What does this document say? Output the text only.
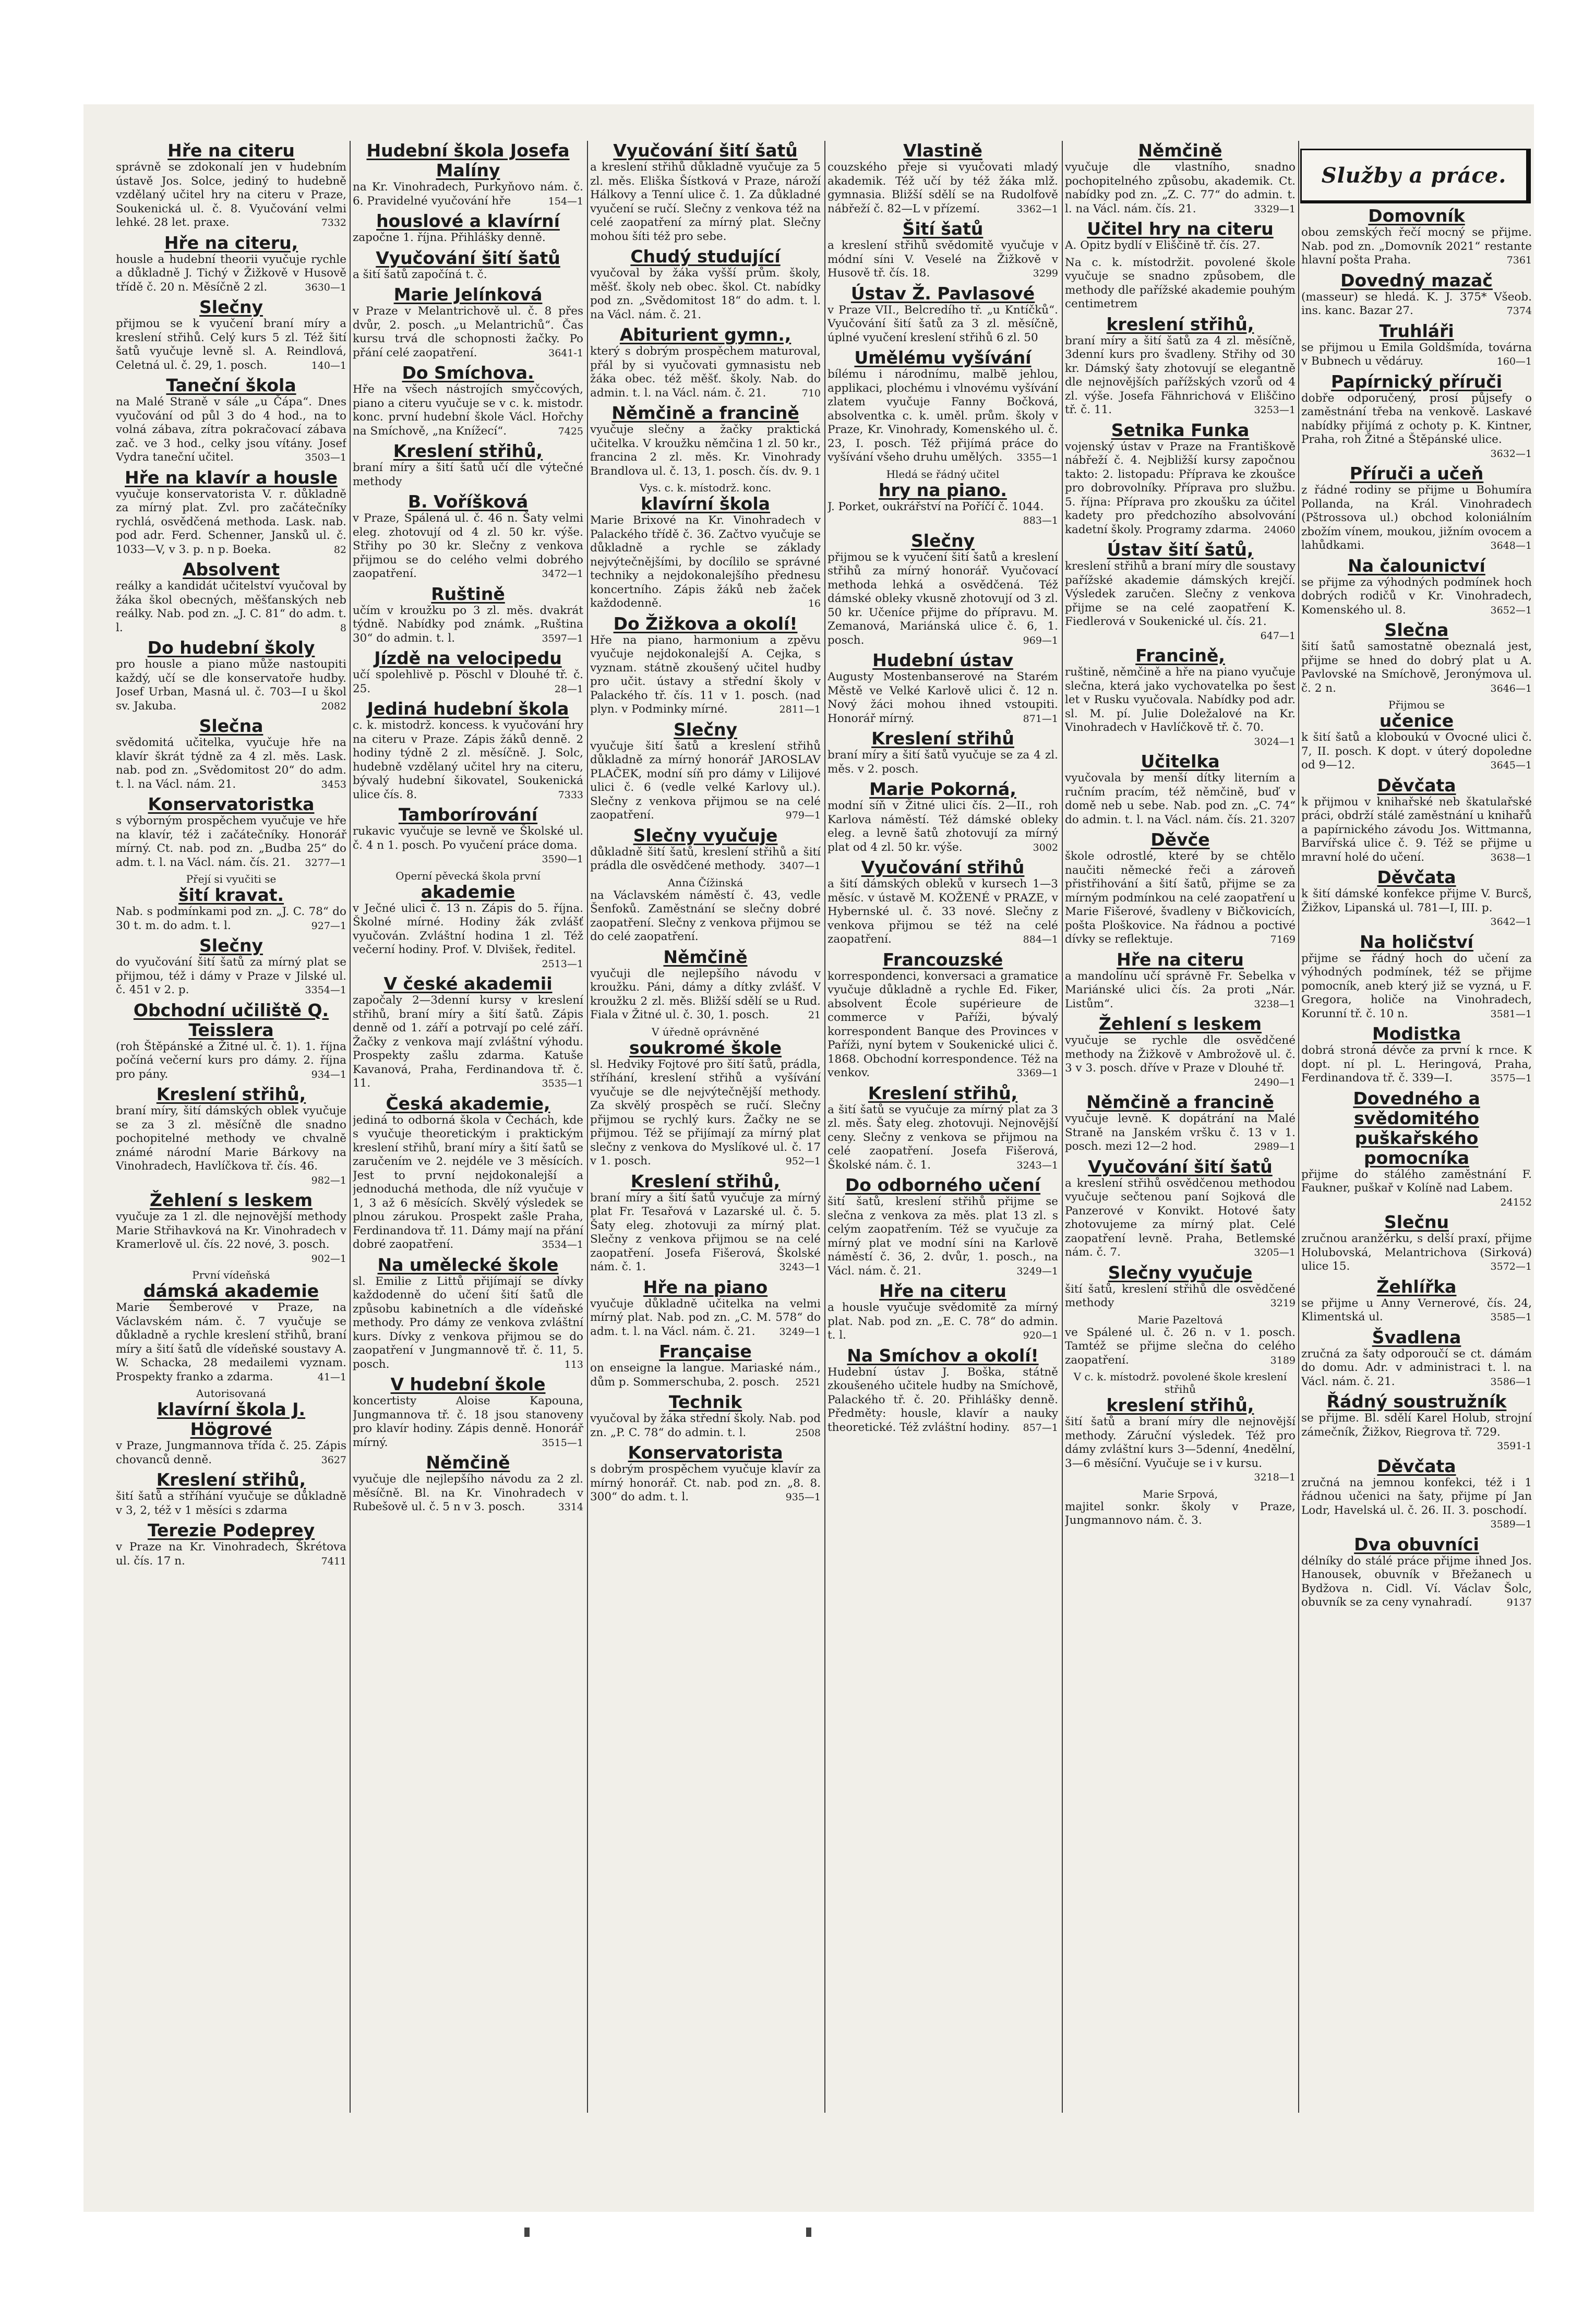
Služby a práce.
Hře na citeru

správně se zdokonalí jen v hudebním ústavě Jos. Solce, jediný to hudebně vzdělaný učitel hry na citeru v Praze, Soukenická ul. č. 8. Vyučování velmi lehké. 28 let. praxe.	7332

Hře na citeru,

housle a hudební theorii vyučuje rychle a důkladně J. Tichý v Žižkově v Husově třídě č. 20 n. Měsíčně 2 zl.	3630—1

Slečny

přijmou se k vyučení braní míry a kreslení střihů. Celý kurs 5 zl. Též šití šatů vyučuje levně sl. A. Reindlová, Celetná ul. č. 29, 1. posch.	140—1

Taneční škola

na Malé Straně v sále „u Čápa“. Dnes vyučování od půl 3 do 4 hod., na to volná zábava, zítra pokračovací zábava zač. ve 3 hod., celky jsou vítány. Josef Vydra taneční učitel.	3503—1

Hře na klavír a housle

vyučuje konservatorista V. r. důkladně za mírný plat. Zvl. pro začátečníky rychlá, osvědčená methoda. Lask. nab. pod adr. Ferd. Schenner, Jansků ul. č. 1033—V, v 3. p. n p. Boeka.	82

Absolvent

reálky a kandidát učitelství vyučoval by žáka škol obecných, měšťanských neb reálky. Nab. pod zn. „J. C. 81“ do adm. t. l.	8

Do hudební školy

pro housle a piano může nastoupiti každý, učí se dle konservatoře hudby. Josef Urban, Masná ul. č. 703—I u škol sv. Jakuba.	2082

Slečna

svědomitá učitelka, vyučuje hře na klavír škrát týdně za 4 zl. měs. Lask. nab. pod zn. „Svědomitost 20“ do adm. t. l. na Václ. nám. 21.	3453

Konservatoristka

s výborným prospěchem vyučuje ve hře na klavír, též i začátečníky. Honorář mírný. Ct. nab. pod zn. „Budba 25“ do adm. t. l. na Václ. nám. čís. 21. 3277—1

Přejí si vyučiti se
šití kravat.

Nab. s podmínkami pod zn. „J. C. 78“ do 30 t. m. do adm. t. l.	927—1

Slečny

do vyučování šití šatů za mírný plat se přijmou, též i dámy v Praze v Jilské ul. č. 451 v 2. p.	3354—1

Obchodní učiliště Q. Teisslera

(roh Štěpánské a Žitné ul. č. 1). 1. října počíná večerní kurs pro dámy. 2. října pro pány.	934—1

Kreslení střihů,

braní míry, šití dámských oblek vyučuje se za 3 zl. měsíčně dle snadno pochopitelné methody ve chvalně známé národní Marie Bárkovy na Vinohradech, Havlíčkova tř. čís. 46.
982—1

Žehlení s leskem

vyučuje za 1 zl. dle nejnovější methody Marie Střihavková na Kr. Vinohradech v Kramerlově ul. čís. 22 nové, 3. posch.
902—1

První vídeňská
dámská akademie

Marie Šemberové v Praze, na Václavském nám. č. 7 vyučuje se důkladně a rychle kreslení střihů, braní míry a šití šatů dle vídeňské soustavy A. W. Schacka, 28 medailemi vyznam. Prospekty franko a zdarma.	41—1

Autorisovaná
klavírní škola J. Högrové

v Praze, Jungmannova třída č. 25. Zápis chovanců denně.	3627

Kreslení střihů,

šití šatů a stříhání vyučuje se důkladně v 3, 2, též v 1 měsíci s zdarma

Terezie Podeprey

v Praze na Kr. Vinohradech, Škrétova ul. čís. 17 n.	7411

Hudební škola Josefa Malíny

na Kr. Vinohradech, Purkyňovo nám. č. 6. Pravidelné vyučování hře	154—1

houslové a klavírní

započne 1. října. Přihlášky denně.

Vyučování šití šatů

a šití šatů započíná t. č.

Marie Jelínková

v Praze v Melantrichově ul. č. 8 přes dvůr, 2. posch. „u Melantrichů“. Čas kursu trvá dle schopnosti žačky. Po přání celé zaopatření.	3641-1

Do Smíchova.

Hře na všech nástrojích smyčcových, piano a citeru vyučuje se v c. k. mistodr. konc. první hudební škole Václ. Hořchy na Smíchově, „na Knížecí“.	7425

Kreslení střihů,

braní míry a šití šatů učí dle výtečné methody

B. Voříšková

v Praze, Spálená ul. č. 46 n. Šaty velmi eleg. zhotovují od 4 zl. 50 kr. výše. Střihy po 30 kr. Slečny z venkova přijmou se do celého velmi dobrého zaopatření.	3472—1

Ruštině

učím v kroužku po 3 zl. měs. dvakrát týdně. Nabídky pod známk. „Ruština 30“ do admin. t. l.	3597—1

Jízdě na velocipedu

učí spolehlivě p. Pöschl v Dlouhé tř. č. 25.	28—1

Jediná hudební škola

c. k. mistodrž. koncess. k vyučování hry na citeru v Praze. Zápis žáků denně. 2 hodiny týdně 2 zl. měsíčně. J. Solc, hudebně vzdělaný učitel hry na citeru, bývalý hudební šikovatel, Soukenická ulice čís. 8.	7333

Tamborírování

rukavic vyučuje se levně ve Školské ul. č. 4 n 1. posch. Po vyučení práce doma.
3590—1

Operní pěvecká škola první
akademie

v Ječné ulici č. 13 n. Zápis do 5. října. Školné mírné. Hodiny žák zvlášť vyučován. Zvláštní hodina 1 zl. Též večerní hodiny. Prof. V. Dlvišek, ředitel.
2513—1

V české akademii

započaly 2—3denní kursy v kreslení střihů, braní míry a šití šatů. Zápis denně od 1. září a potrvají po celé září. Žačky z venkova mají zvláštní výhodu. Prospekty zašlu zdarma. Katuše Kavanová, Praha, Ferdinandova tř. č. 11.	3535—1

Česká akademie,

jediná to odborná škola v Čechách, kde s vyučuje theoretickým i praktickým kreslení střihů, braní míry a šití šatů se zaručením ve 2. nejdéle ve 3 měsících. Jest to první nejdokonalejší a jednoduchá methoda, dle níž vyučuje v 1, 3 až 6 měsících. Skvělý výsledek se plnou zárukou. Prospekt zašle Praha, Ferdinandova tř. 11. Dámy mají na přání dobré zaopatření.	3534—1

Na umělecké škole

sl. Emilie z Littů přijímají se dívky každodenně do učení šití šatů dle způsobu kabinetních a dle vídeňské methody. Pro dámy ze venkova zvláštní kurs. Dívky z venkova přijmou se do zaopatření v Jungmannově tř. č. 11, 5. posch.	113

V hudební škole

koncertisty Aloise Kapouna, Jungmannova tř. č. 18 jsou stanoveny pro klavír hodiny. Zápis denně. Honorář mírný.	3515—1

Němčině

vyučuje dle nejlepšího návodu za 2 zl. měsíčně. Bl. na Kr. Vinohradech v Rubešově ul. č. 5 n v 3. posch.	3314

Vyučování šití šatů

a kreslení střihů důkladně vyučuje za 5 zl. měs. Eliška Šístková v Praze, nároží Hálkovy a Tenní ulice č. 1. Za důkladné vyučení se ručí. Slečny z venkova též na celé zaopatření za mírný plat. Slečny mohou šíti též pro sebe.

Chudý studující

vyučoval by žáka vyšší prům. školy, měšť. školy neb obec. škol. Ct. nabídky pod zn. „Svědomitost 18“ do adm. t. l. na Václ. nám. č. 21.

Abiturient gymn.,

který s dobrým prospěchem maturoval, přál by si vyučovati gymnasistu neb žáka obec. též měšť. školy. Nab. do admin. t. l. na Václ. nám. č. 21.	710

Němčině a francině

vyučuje slečny a žačky praktická učitelka. V kroužku němčina 1 zl. 50 kr., francina 2 zl. měs. Kr. Vinohrady Brandlova ul. č. 13, 1. posch. čís. dv. 9. 1

Vys. c. k. místodrž. konc.
klavírní škola

Marie Brixové na Kr. Vinohradech v Palackého třídě č. 36. Začtvo vyučuje se důkladně a rychle se základy nejvýtečnějšími, by docílilo se správné techniky a nejdokonalejšího přednesu koncertního. Zápis žáků neb žaček každodenně.	16

Do Žižkova a okolí!

Hře na piano, harmonium a zpěvu vyučuje nejdokonalejší A. Cejka, s vyznam. státně zkoušený učitel hudby pro učit. ústavy a střední školy v Palackého tř. čís. 11 v 1. posch. (nad plyn. v Podminky mírné.	2811—1

Slečny

vyučuje šití šatů a kreslení střihů důkladně za mírný honorář JAROSLAV PLAČEK, modní síň pro dámy v Lilijové ulici č. 6 (vedle velké Karlovy ul.). Slečny z venkova přijmou se na celé zaopatření.	979—1

Slečny vyučuje

důkladně šití šatů, kreslení střihů a šití prádla dle osvědčené methody. 3407—1

Anna Čížinská

na Václavském náměstí č. 43, vedle Šenfoků. Zaměstnání se slečny dobré zaopatření. Slečny z venkova přijmou se do celé zaopatření.

Němčině

vyučuji dle nejlepšího návodu v kroužku. Páni, dámy a dítky zvlášť. V kroužku 2 zl. měs. Bližší sdělí se u Rud. Fiala v Žitné ul. č. 30, 1. posch.	21

V úředně oprávněné
soukromé škole

sl. Hedviky Fojtové pro šití šatů, prádla, stříhání, kreslení střihů a vyšívání vyučuje se dle nejvýtečnější methody. Za skvělý prospěch se ručí. Slečny přijmou se rychlý kurs. Žačky ne se přijmou. Též se přijímají za mírný plat slečny z venkova do Myslíkové ul. č. 17 v 1. posch.	952—1

Kreslení střihů,

braní míry a šití šatů vyučuje za mírný plat Fr. Tesařová v Lazarské ul. č. 5. Šaty eleg. zhotovuji za mírný plat. Slečny z venkova přijmou se na celé zaopatření. Josefa Fišerová, Školské nám. č. 1.	3243—1

Hře na piano

vyučuje důkladně učitelka na velmi mírný plat. Nab. pod zn. „C. M. 578“ do adm. t. l. na Václ. nám. č. 21. 3249—1

Française

on enseigne la langue. Mariaské nám., dům p. Sommerschuba, 2. posch. 2521

Technik

vyučoval by žáka střední školy. Nab. pod zn. „P. C. 78“ do admin. t. l.	2508

Konservatorista

s dobrým prospěchem vyučuje klavír za mírný honorář. Ct. nab. pod zn. „8. 8. 300“ do adm. t. l.	935—1

Vlastině

couzského přeje si vyučovati mladý akademik. Též učí by též žáka mlž. gymnasia. Bližší sdělí se na Rudolfově nábřeží č. 82—L v přízemí.	3362—1

Šití šatů

a kreslení střihů svědomitě vyučuje v módní síni V. Veselé na Žižkově v Husově tř. čís. 18.	3299

Ústav Ž. Pavlasové

v Praze VII., Belcredího tř. „u Kntíčků“. Vyučování šití šatů za 3 zl. měsíčně, úplné vyučení kreslení střihů 6 zl. 50

Umělému vyšívání

bílému i národnímu, malbě jehlou, applikaci, plochému i vlnovému vyšívání zlatem vyučuje Fanny Bočková, absolventka c. k. uměl. prům. školy v Praze, Kr. Vinohrady, Komenského ul. č. 23, I. posch. Též přijímá práce do vyšívání všeho druhu umělých. 3355—1

Hledá se řádný učitel
hry na piano.

J. Porket, oukrářství na Poříčí č. 1044.
883—1

Slečny

přijmou se k vyučení šití šatů a kreslení střihů za mírný honorář. Vyučovací methoda lehká a osvědčená. Též dámské obleky vkusně zhotovují od 3 zl. 50 kr. Učeníce přijme do přípravu. M. Zemanová, Mariánská ulice č. 6, 1. posch.	969—1

Hudební ústav

Augusty Mostenbanserové na Starém Městě ve Velké Karlově ulici č. 12 n. Nový žáci mohou ihned vstoupiti. Honorář mírný.	871—1

Kreslení střihů

braní míry a šití šatů vyučuje se za 4 zl. měs. v 2. posch.

Marie Pokorná,

modní síň v Žitné ulici čís. 2—II., roh Karlova náměstí. Též dámské obleky eleg. a levně šatů zhotovují za mírný plat od 4 zl. 50 kr. výše.	3002

Vyučování střihů

a šití dámských obleků v kursech 1—3 měsíc. v ústavě M. KOŽENÉ v PRAZE, v Hybernské ul. č. 33 nové. Slečny z venkova přijmou se též na celé zaopatření.	884—1

Francouzské

korrespondenci, konversaci a gramatice vyučuje důkladně a rychle Ed. Fiker, absolvent École supérieure de commerce v Paříži, bývalý korrespondent Banque des Provinces v Paříži, nyní bytem v Soukenické ulici č. 1868. Obchodní korrespondence. Též na venkov.	3369—1

Kreslení střihů,

a šití šatů se vyučuje za mírný plat za 3 zl. měs. Šaty eleg. zhotovuji. Nejnovější ceny. Slečny z venkova se přijmou na celé zaopatření. Josefa Fišerová, Školské nám. č. 1.	3243—1

Do odborného učení

šití šatů, kreslení střihů přijme se slečna z venkova za měs. plat 13 zl. s celým zaopatřením. Též se vyučuje za mírný plat ve modní síni na Karlově náměstí č. 36, 2. dvůr, 1. posch., na Václ. nám. č. 21.	3249—1

Hře na citeru

a housle vyučuje svědomitě za mírný plat. Nab. pod zn. „E. C. 78“ do admin. t. l.	920—1

Na Smíchov a okolí!

Hudební ústav J. Boška, státně zkoušeného učitele hudby na Smíchově, Palackého tř. č. 20. Přihlášky denně. Předměty: housle, klavír a nauky theoretické. Též zvláštní hodiny. 857—1

Němčině

vyučuje dle vlastního, snadno pochopitelného způsobu, akademik. Ct. nabídky pod zn. „Z. C. 77“ do admin. t. l. na Václ. nám. čís. 21.	3329—1

Učitel hry na citeru

A. Opitz bydlí v Eliščině tř. čís. 27.

Na c. k. místodržit. povolené škole vyučuje se snadno způsobem, dle methody dle pařížské akademie pouhým centimetrem

kreslení střihů,

braní míry a šití šatů za 4 zl. měsíčně, 3denní kurs pro švadleny. Střihy od 30 kr. Dámský šaty zhotovují se elegantně dle nejnovějších pařížských vzorů od 4 zl. výše. Josefa Fähnrichová v Eliščino tř. č. 11.	3253—1

Setnika Funka

vojenský ústav v Praze na Františkově nábřeží č. 4. Nejbližší kursy započnou takto: 2. listopadu: Příprava ke zkoušce pro dobrovolníky. Příprava pro službu. 5. října: Příprava pro zkoušku za účitel kadety pro předchozího absolvování kadetní školy. Programy zdarma. 24060

Ústav šití šatů,

kreslení střihů a braní míry dle soustavy pařížské akademie dámských krejčí. Výsledek zaručen. Slečny z venkova přijme se na celé zaopatření K. Fiedlerová v Soukenické ul. čís. 21.
647—1

Francině,

ruštině, němčině a hře na piano vyučuje slečna, která jako vychovatelka po šest let v Rusku vyučovala. Nabídky pod adr. sl. M. pí. Julie Doležalové na Kr. Vinohradech v Havlíčkově tř. č. 70.
3024—1

Učitelka

vyučovala by menší dítky literním a ručním pracím, též němčině, buď v domě neb u sebe. Nab. pod zn. „C. 74“ do admin. t. l. na Václ. nám. čís. 21. 3207

Děvče

škole odrostlé, které by se chtělo naučiti německé řeči a zároveň přistřihování a šití šatů, přijme se za mírným podmínkou na celé zaopatření u Marie Fišerové, švadleny v Bičkovicích, pošta Ploškovice. Na řádnou a poctivé dívky se reflektuje.	7169

Hře na citeru

a mandolínu učí správně Fr. Sebelka v Mariánské ulici čís. 2a proti „Nár. Listům“.	3238—1

Žehlení s leskem

vyučuje se rychle dle osvědčené methody na Žižkově v Ambrožově ul. č. 3 v 3. posch. dříve v Praze v Dlouhé tř.
2490—1

Němčině a francině

vyučuje levně. K dopátrání na Malé Straně na Janském vršku č. 13 v 1. posch. mezi 12—2 hod.	2989—1

Vyučování šití šatů

a kreslení střihů osvědčenou methodou vyučuje sečtenou paní Sojková dle Panzerové v Konvikt. Hotové šaty zhotovujeme za mírný plat. Celé zaopatření levně. Praha, Betlemské nám. č. 7.	3205—1

Slečny vyučuje

šití šatů, kreslení střihů dle osvědčené methody	3219

Marie Pazeltová

ve Spálené ul. č. 26 n. v 1. posch. Tamtéž se přijme slečna do celého zaopatření.	3189

V c. k. místodrž. povolené škole kreslení střihů
kreslení střihů,

šití šatů a braní míry dle nejnovější methody. Záruční výsledek. Též pro dámy zvláštní kurs 3—5denní, 4nedělní, 3—6 měsíční. Vyučuje se i v kursu.
3218—1

Marie Srpová,

majitel sonkr. školy v Praze, Jungmannovo nám. č. 3.

Domovník

obou zemských řečí mocný se přijme. Nab. pod zn. „Domovník 2021“ restante hlavní pošta Praha.	7361

Dovedný mazač

(masseur) se hledá. K. J. 375* Všeob. ins. kanc. Bazar 27.	7374

Truhláři

se přijmou u Emila Goldšmída, továrna v Bubnech u vědáruy.	160—1

Papírnický příruči

dobře odporučený, prosí půjsefy o zaměstnání třeba na venkově. Laskavé nabídky přijímá z ochoty p. K. Kintner, Praha, roh Žitné a Štěpánské ulice.
3632—1

Příruči a učeň

z řádné rodiny se přijme u Bohumíra Pollanda, na Král. Vinohradech (Pštrossova ul.) obchod koloniálním zbožím vínem, moukou, jižním ovocem a lahůdkami.	3648—1

Na čalounictví

se přijme za výhodných podmínek hoch dobrých rodičů v Kr. Vinohradech, Komenského ul. 8.	3652—1

Slečna

šití šatů samostatně obeznalá jest, přijme se hned do dobrý plat u A. Pavlovské na Smíchově, Jeronýmova ul. č. 2 n.	3646—1

Přijmou se
učenice

k šití šatů a kloboukú v Ovocné ulici č. 7, II. posch. K dopt. v úterý dopoledne od 9—12.	3645—1

Děvčata

k přijmou v knihařské neb škatulařské práci, obdrží stálé zaměstnání u knihařů a papírnického závodu Jos. Wittmanna, Barvířská ulice č. 9. Též se přijme u mravní holé do učení.	3638—1

Děvčata

k šití dámské konfekce přijme V. Burcš, Žižkov, Lipanská ul. 781—I, III. p.
3642—1

Na holičství

přijme se řádný hoch do učení za výhodných podmínek, též se přijme pomocník, aneb který již se vyzná, u F. Gregora, holiče na Vinohradech, Korunní tř. č. 10 n.	3581—1

Modistka

dobrá stroná dévče za první k rnce. K dopt. ní pl. L. Heringová, Praha, Ferdinandova tř. č. 339—I.	3575—1

Dovedného a svědomitého puškařského pomocníka

přijme do stálého zaměstnání F. Faukner, puškař v Kolíně nad Labem.
24152

Slečnu

zručnou aranžérku, s delší praxí, přijme Holubovská, Melantrichova (Sirková) ulice 15.	3572—1

Žehlířka

se přijme u Anny Vernerové, čís. 24, Klimentská ul.	3585—1

Švadlena

zručná za šaty odporoučí se ct. dámám do domu. Adr. v administraci t. l. na Václ. nám. č. 21.	3586—1

Řádný soustružník

se přijme. Bl. sdělí Karel Holub, strojní zámečník, Žižkov, Riegrova tř. 729.
3591-1

Děvčata

zručná na jemnou konfekci, též i 1 řádnou učenici na šaty, přijme pí Jan Lodr, Havelská ul. č. 26. II. 3. poschodí.
3589—1

Dva obuvníci

délníky do stálé práce přijme ihned Jos. Hanousek, obuvník v Břežanech u Bydžova n. Cidl. Ví. Václav Šolc, obuvník se za ceny vynahradí.	9137
